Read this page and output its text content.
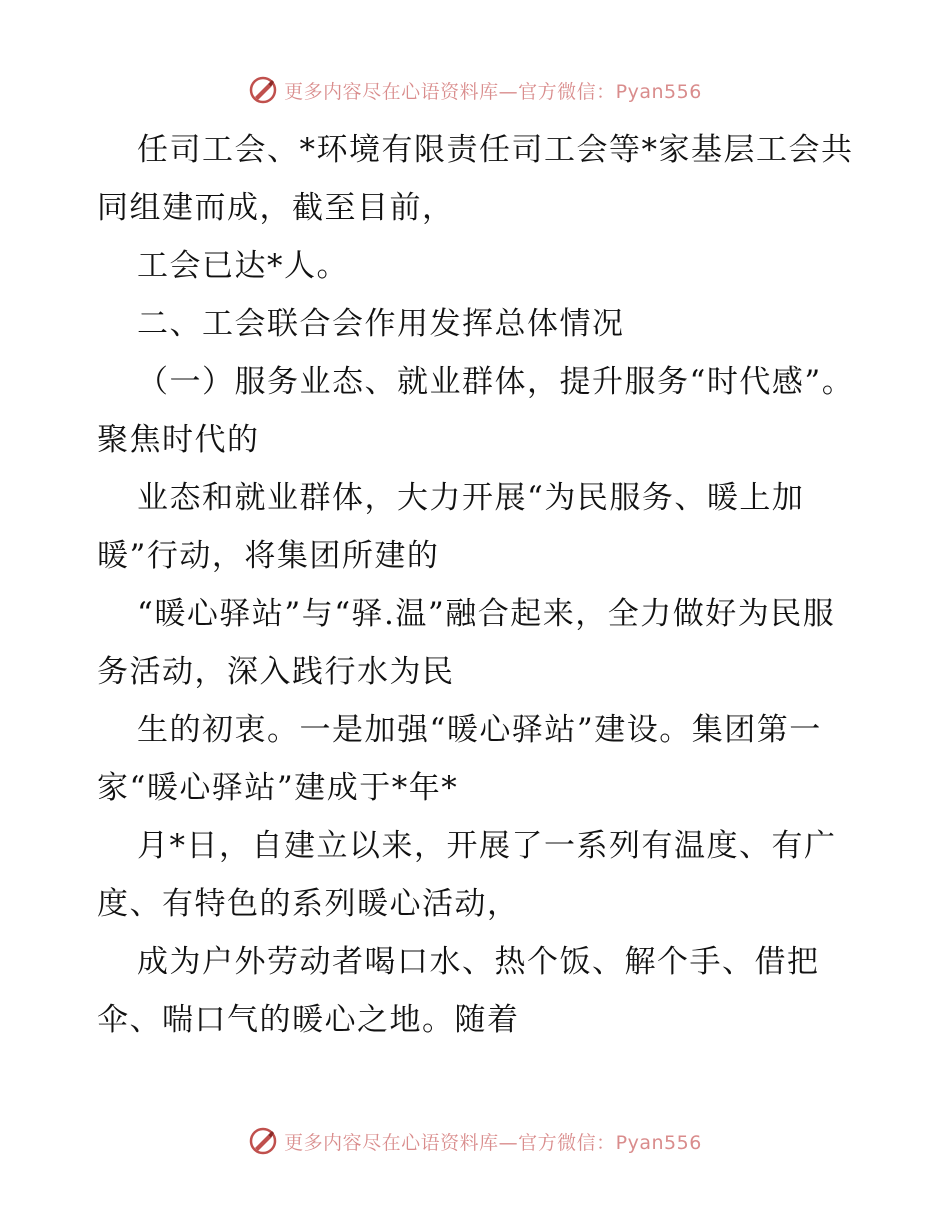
更多内容尽在心语资料库—官方微信：Pyan556

任司工会、*环境有限责任司工会等*家基层工会共同组建而成，截至目前，

工会已达*人。

二、工会联合会作用发挥总体情况

（一）服务业态、就业群体，提升服务“时代感”。聚焦时代的

业态和就业群体，大力开展“为民服务、暖上加暖”行动，将集团所建的

“暖心驿站”与“驿.温”融合起来，全力做好为民服务活动，深入践行水为民

生的初衷。一是加强“暖心驿站”建设。集团第一家“暖心驿站”建成于*年*

月*日，自建立以来，开展了一系列有温度、有广度、有特色的系列暖心活动，

成为户外劳动者喝口水、热个饭、解个手、借把伞、喘口气的暖心之地。随着

更多内容尽在心语资料库—官方微信：Pyan556
